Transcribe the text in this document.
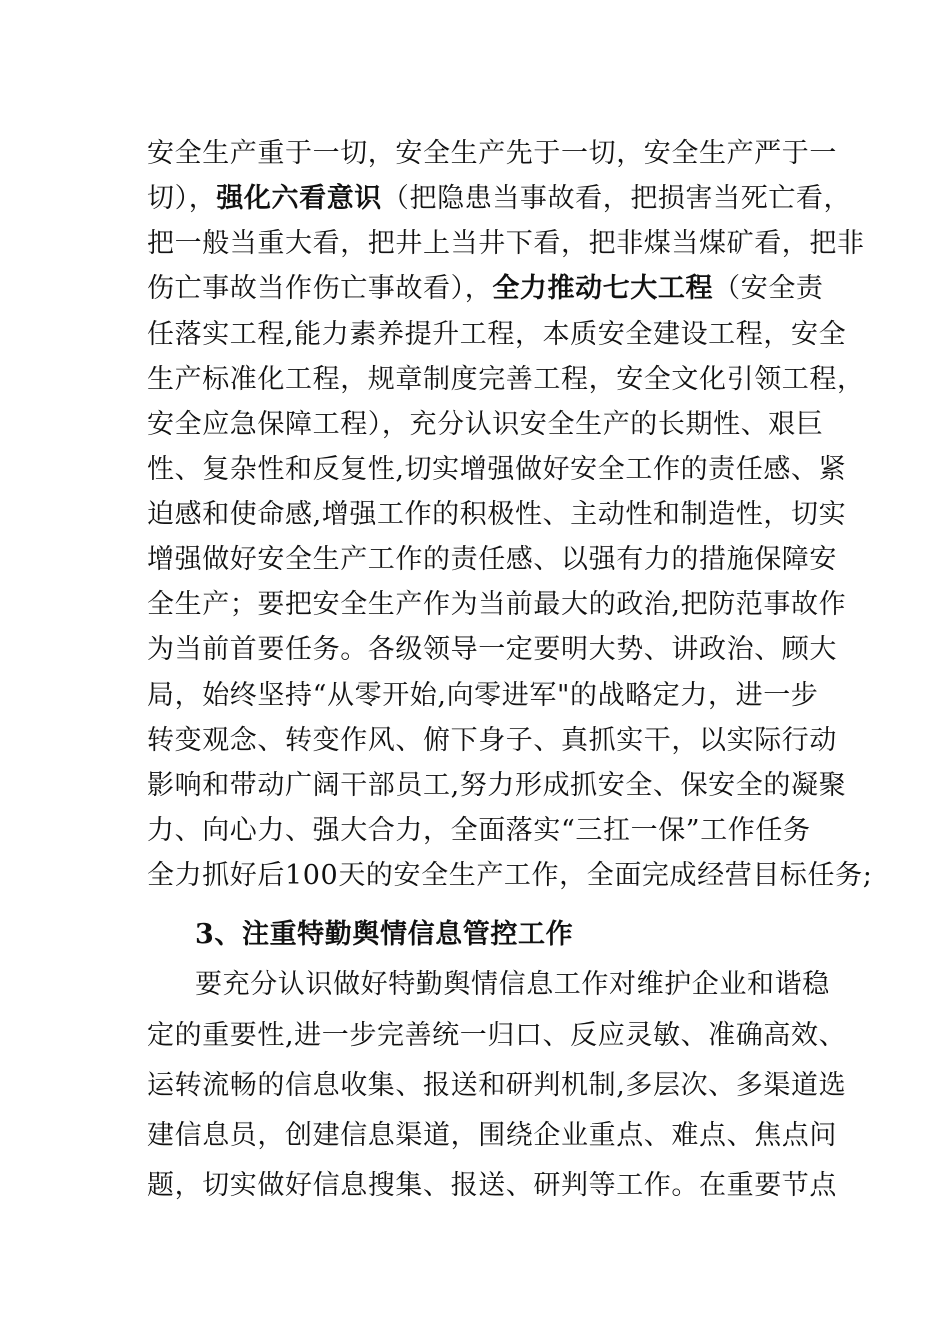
安全生产重于一切，安全生产先于一切，安全生产严于一
切），强化六看意识（把隐患当事故看，把损害当死亡看，
把一般当重大看，把井上当井下看，把非煤当煤矿看，把非
伤亡事故当作伤亡事故看），全力推动七大工程（安全责
任落实工程,能力素养提升工程，本质安全建设工程，安全
生产标准化工程，规章制度完善工程，安全文化引领工程，
安全应急保障工程），充分认识安全生产的长期性、艰巨
性、复杂性和反复性,切实增强做好安全工作的责任感、紧
迫感和使命感,增强工作的积极性、主动性和制造性，切实
增强做好安全生产工作的责任感、以强有力的措施保障安
全生产；要把安全生产作为当前最大的政治,把防范事故作
为当前首要任务。各级领导一定要明大势、讲政治、顾大
局，始终坚持“从零开始,向零进军"的战略定力，进一步
转变观念、转变作风、俯下身子、真抓实干，以实际行动
影响和带动广阔干部员工,努力形成抓安全、保安全的凝聚
力、向心力、强大合力，全面落实“三扛一保”工作任务
全力抓好后100天的安全生产工作，全面完成经营目标任务;
3、注重特勤舆情信息管控工作
要充分认识做好特勤舆情信息工作对维护企业和谐稳
定的重要性,进一步完善统一归口、反应灵敏、准确高效、
运转流畅的信息收集、报送和研判机制,多层次、多渠道选
建信息员，创建信息渠道，围绕企业重点、难点、焦点问
题，切实做好信息搜集、报送、研判等工作。在重要节点
